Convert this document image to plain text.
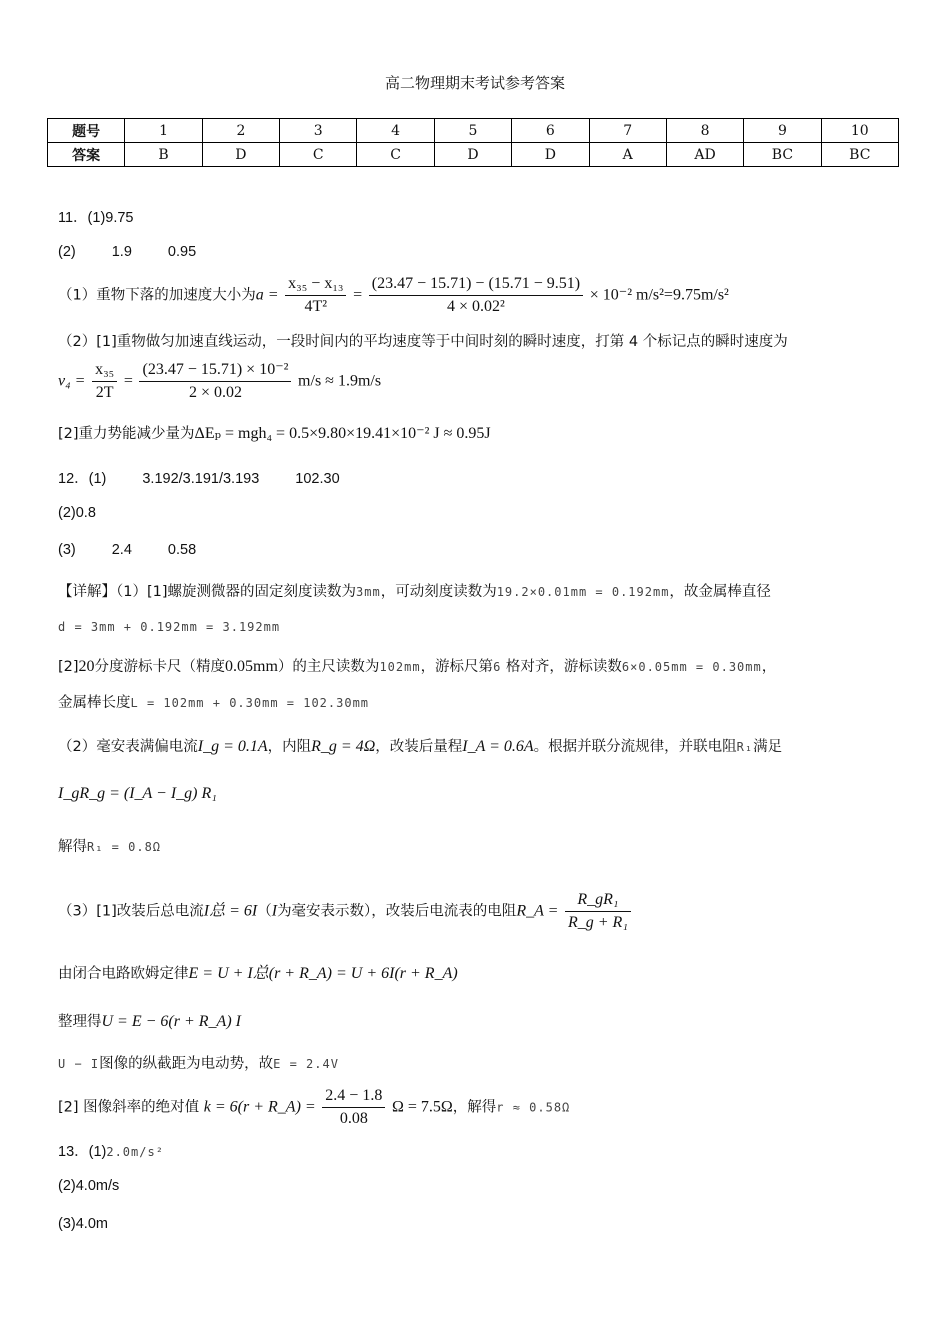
高二物理期末考试参考答案
题号	1	2	3	4	5	6	7	8	9	10
答案	B	D	C	C	D	D	A	AD	BC	BC
11．(1)9.75
(2) 1.9 0.95
（1）重物下落的加速度大小为$a = \frac{\text{x₃₅ − x₁₃}}{\text{4T²}} = \frac{(23.47 - 15.71) - (15.71 - 9.51)}{\text{4 × 0.02²}} \times 10^{-2}$ m/s²=9.75m/s²
（2）[1]重物做匀加速直线运动，一段时间内的平均速度等于中间时刻的瞬时速度，打第 4 个标记点的瞬时速度为
$v_4 = \frac{\text{x₃₅}}{2T} = \frac{\text{(23.47 − 15.71) × 10⁻²}}{2 \times 0.02} m/s \approx 1.9m/s$
[2]重力势能减少量为ΔEₚ = mgh₄ = 0.5×9.80×19.41×10⁻² J ≈ 0.95J
12．(1) 3.192/3.191/3.193 102.30
(2)0.8
(3) 2.4 0.58
【详解】（1）[1]螺旋测微器的固定刻度读数为3mm，可动刻度读数为19.2×0.01mm = 0.192mm，故金属棒直径
d = 3mm + 0.192mm = 3.192mm
[2]20分度游标卡尺（精度0.05mm）的主尺读数为102mm，游标尺第6 格对齐，游标读数6×0.05mm = 0.30mm，
金属棒长度L = 102mm + 0.30mm = 102.30mm
（2）毫安表满偏电流I_g = 0.1A，内阻R_g = 4Ω，改装后量程I_A = 0.6A。根据并联分流规律，并联电阻R₁满足
I_gR_g = (I_A − I_g) R₁
解得R₁ = 0.8Ω
（3）[1]改装后总电流I总 = 6I（I为毫安表示数），改装后电流表的电阻R_A = $\frac{\text{R\_gR₁}}{\text{R\_g + R₁}}$
由闭合电路欧姆定律E = U + I总(r + R_A) = U + 6I(r + R_A)
整理得U = E − 6(r + R_A) I
U − I图像的纵截距为电动势，故E = 2.4V
[2] 图像斜率的绝对值 k = 6(r + R_A) = $\frac{2.4 - 1.8}{0.08}$ Ω = 7.5Ω，解得r ≈ 0.58Ω
13．(1)2.0m/s²
(2)4.0m/s
(3)4.0m
